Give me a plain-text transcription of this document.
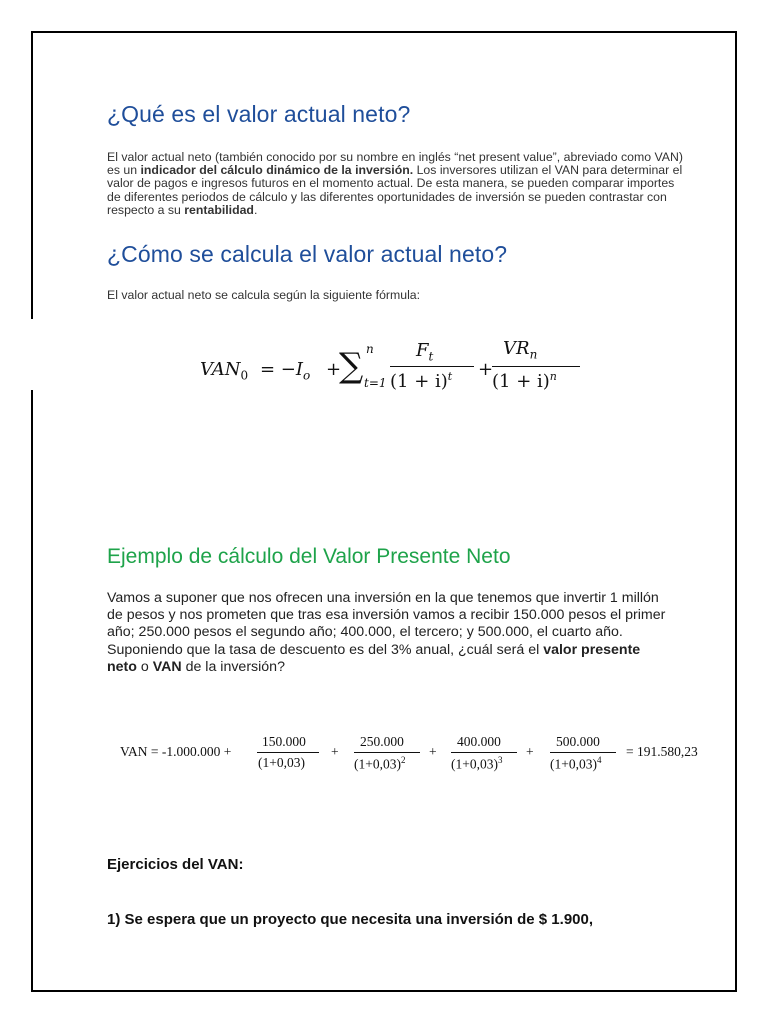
¿Qué es el valor actual neto?

El valor actual neto (también conocido por su nombre en inglés “net present value”, abreviado como VAN) es un indicador del cálculo dinámico de la inversión. Los inversores utilizan el VAN para determinar el valor de pagos e ingresos futuros en el momento actual. De esta manera, se pueden comparar importes de diferentes periodos de cálculo y las diferentes oportunidades de inversión se pueden contrastar con respecto a su rentabilidad.

¿Cómo se calcula el valor actual neto?

El valor actual neto se calcula según la siguiente fórmula:

$VAN_0 = -I_o$ +
∑ n
t=1
$F_t$
$(1 + i)^t$ +
$VR_n$
$(1 + i)^n$
Ejemplo de cálculo del Valor Presente Neto

Vamos a suponer que nos ofrecen una inversión en la que tenemos que invertir 1 millón de pesos y nos prometen que tras esa inversión vamos a recibir 150.000 pesos el primer año; 250.000 pesos el segundo año; 400.000, el tercero; y 500.000, el cuarto año. Suponiendo que la tasa de descuento es del 3% anual, ¿cuál será el valor presente neto o VAN de la inversión?

VAN = -1.000.000 +
150.000
(1+0,03)
+
250.000
$(1+0,03)^2$
+
400.000
$(1+0,03)^3$
+
500.000
$(1+0,03)^4$
= 191.580,23

Ejercicios del VAN:

1) Se espera que un proyecto que necesita una inversión de $ 1.900,
